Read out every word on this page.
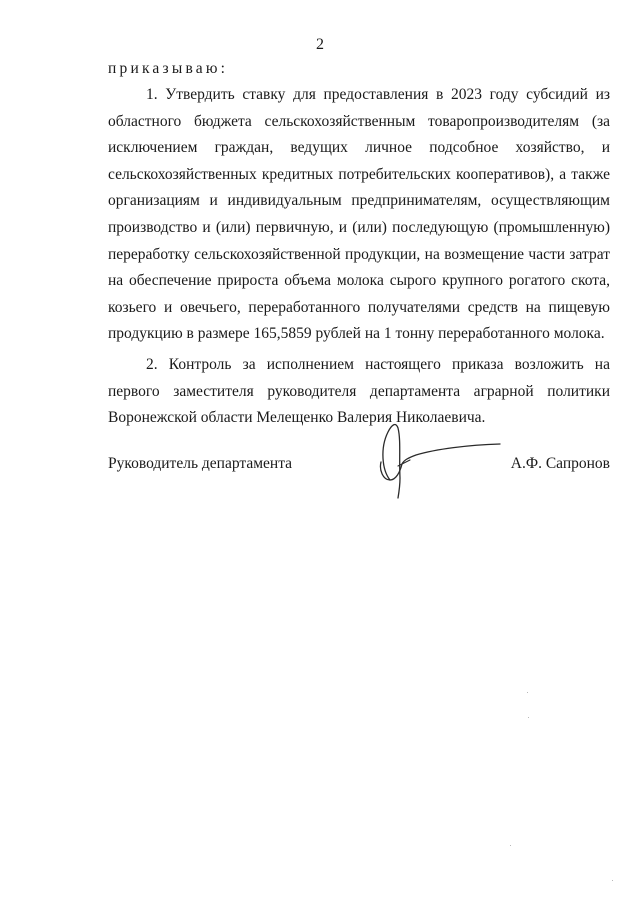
2
приказываю:

1. Утвердить ставку для предоставления в 2023 году субсидий из областного бюджета сельскохозяйственным товаропроизводителям (за исключением граждан, ведущих личное подсобное хозяйство, и сельскохозяйственных кредитных потребительских кооперативов), а также организациям и индивидуальным предпринимателям, осуществляющим производство и (или) первичную, и (или) последующую (промышленную) переработку сельскохозяйственной продукции, на возмещение части затрат на обеспечение прироста объема молока сырого крупного рогатого скота, козьего и овечьего, переработанного получателями средств на пищевую продукцию в размере 165,5859 рублей на 1 тонну переработанного молока.

2. Контроль за исполнением настоящего приказа возложить на первого заместителя руководителя департамента аграрной политики Воронежской области Мелещенко Валерия Николаевича.

Руководитель департамента	А.Ф. Сапронов
